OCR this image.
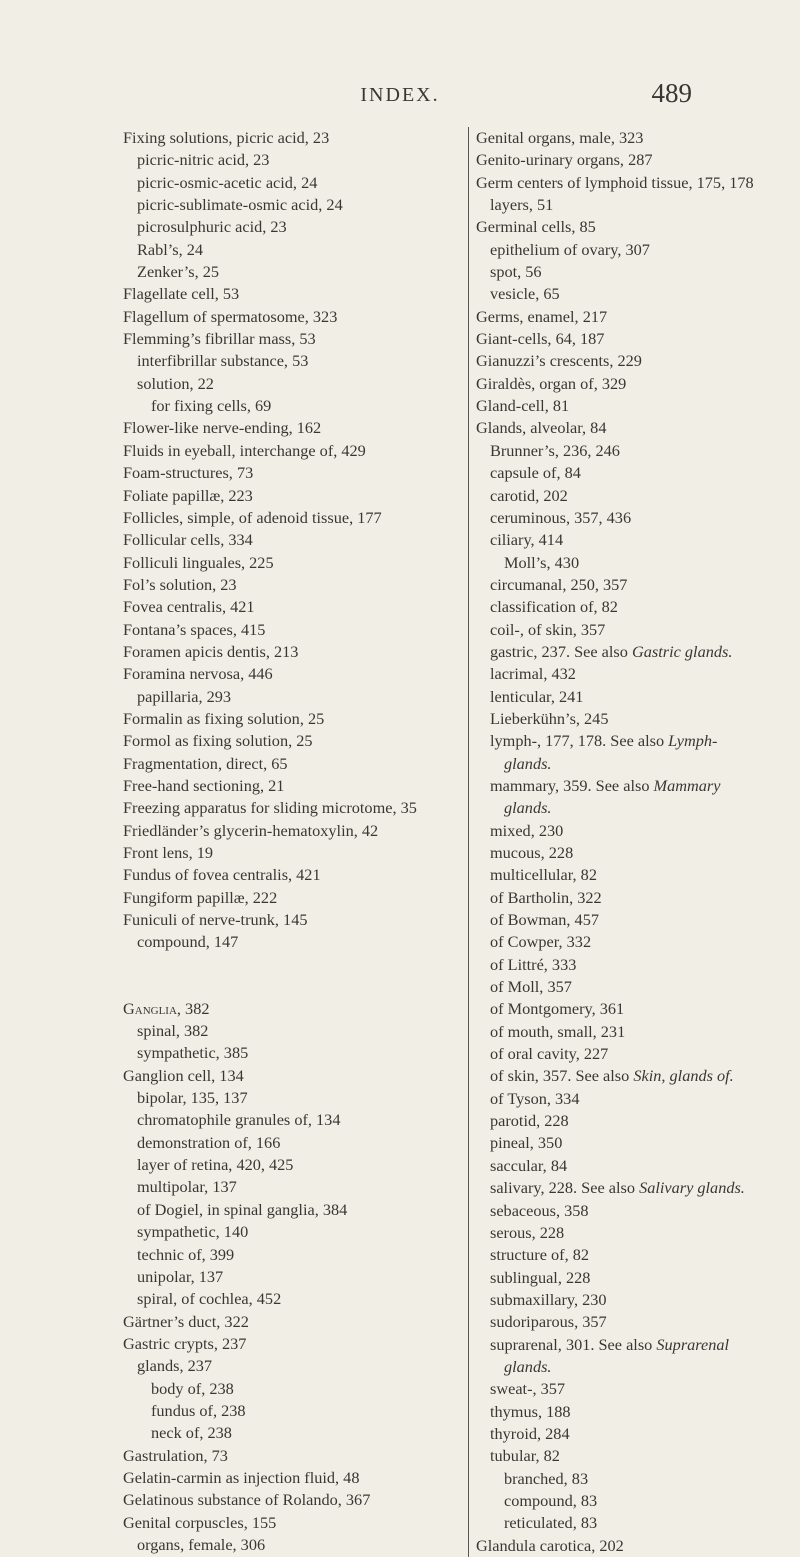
INDEX.	489
Fixing solutions, picric acid, 23
picric-nitric acid, 23
picric-osmic-acetic acid, 24
picric-sublimate-osmic acid, 24
picrosulphuric acid, 23
Rabl’s, 24
Zenker’s, 25
Flagellate cell, 53
Flagellum of spermatosome, 323
Flemming’s fibrillar mass, 53
interfibrillar substance, 53
solution, 22
for fixing cells, 69
Flower-like nerve-ending, 162
Fluids in eyeball, interchange of, 429
Foam-structures, 73
Foliate papillæ, 223
Follicles, simple, of adenoid tissue, 177
Follicular cells, 334
Folliculi linguales, 225
Fol’s solution, 23
Fovea centralis, 421
Fontana’s spaces, 415
Foramen apicis dentis, 213
Foramina nervosa, 446
papillaria, 293
Formalin as fixing solution, 25
Formol as fixing solution, 25
Fragmentation, direct, 65
Free-hand sectioning, 21
Freezing apparatus for sliding microtome, 35
Friedländer’s glycerin-hematoxylin, 42
Front lens, 19
Fundus of fovea centralis, 421
Fungiform papillæ, 222
Funiculi of nerve-trunk, 145
compound, 147
Ganglia, 382
spinal, 382
sympathetic, 385
Ganglion cell, 134
bipolar, 135, 137
chromatophile granules of, 134
demonstration of, 166
layer of retina, 420, 425
multipolar, 137
of Dogiel, in spinal ganglia, 384
sympathetic, 140
technic of, 399
unipolar, 137
spiral, of cochlea, 452
Gärtner’s duct, 322
Gastric crypts, 237
glands, 237
body of, 238
fundus of, 238
neck of, 238
Gastrulation, 73
Gelatin-carmin as injection fluid, 48
Gelatinous substance of Rolando, 367
Genital corpuscles, 155
organs, female, 306
Genital organs, male, 323
Genito-urinary organs, 287
Germ centers of lymphoid tissue, 175, 178
layers, 51
Germinal cells, 85
epithelium of ovary, 307
spot, 56
vesicle, 65
Germs, enamel, 217
Giant-cells, 64, 187
Gianuzzi’s crescents, 229
Giraldès, organ of, 329
Gland-cell, 81
Glands, alveolar, 84
Brunner’s, 236, 246
capsule of, 84
carotid, 202
ceruminous, 357, 436
ciliary, 414
Moll’s, 430
circumanal, 250, 357
classification of, 82
coil-, of skin, 357
gastric, 237. See also Gastric glands.
lacrimal, 432
lenticular, 241
Lieberkühn’s, 245
lymph-, 177, 178. See also Lymph-glands.
mammary, 359. See also Mammary glands.
mixed, 230
mucous, 228
multicellular, 82
of Bartholin, 322
of Bowman, 457
of Cowper, 332
of Littré, 333
of Moll, 357
of Montgomery, 361
of mouth, small, 231
of oral cavity, 227
of skin, 357. See also Skin, glands of.
of Tyson, 334
parotid, 228
pineal, 350
saccular, 84
salivary, 228. See also Salivary glands.
sebaceous, 358
serous, 228
structure of, 82
sublingual, 228
submaxillary, 230
sudoriparous, 357
suprarenal, 301. See also Suprarenal glands.
sweat-, 357
thymus, 188
thyroid, 284
tubular, 82
branched, 83
compound, 83
reticulated, 83
Glandula carotica, 202
